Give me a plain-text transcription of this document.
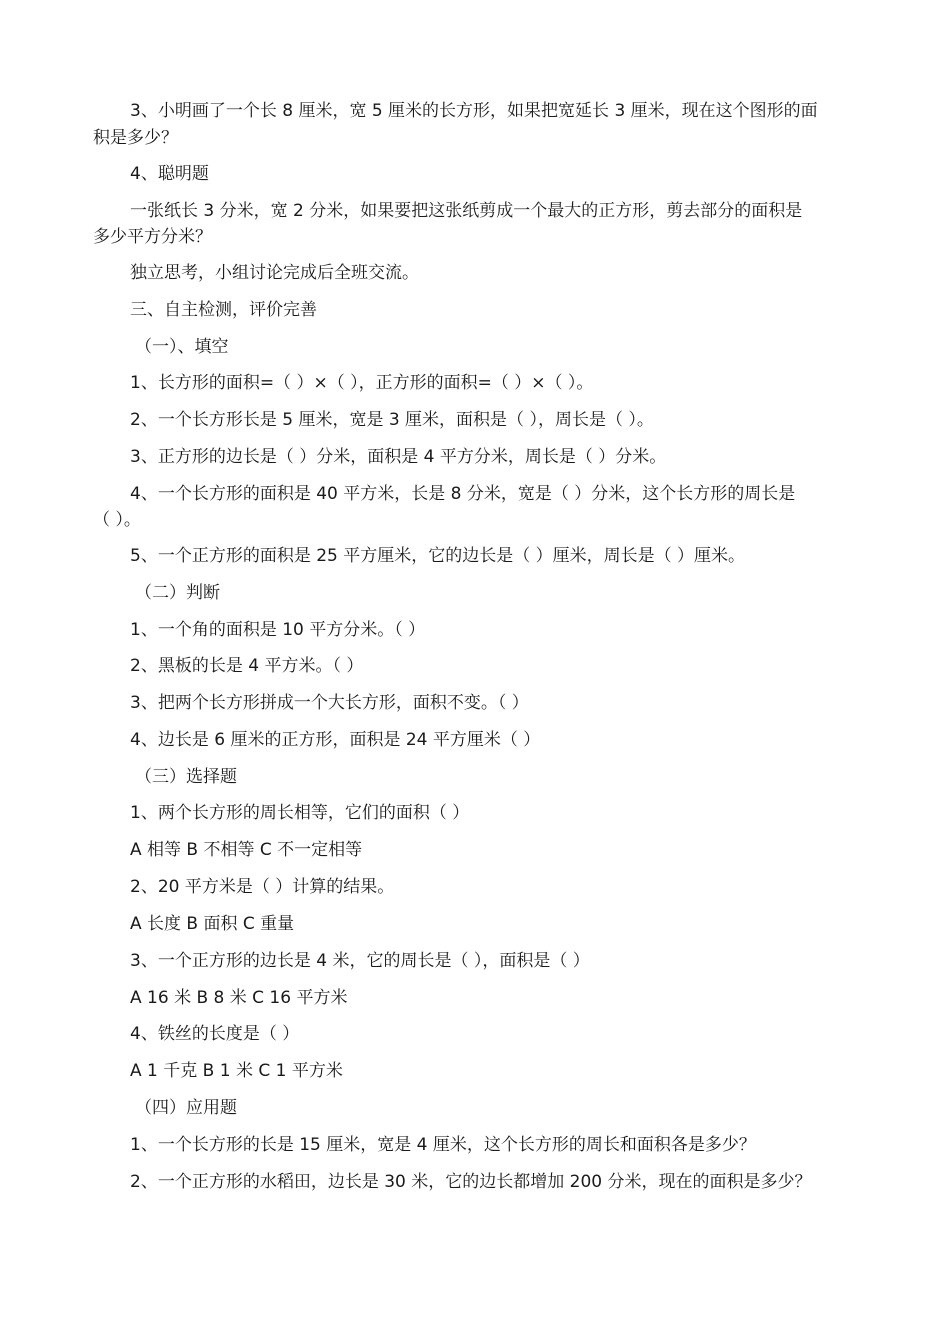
3、小明画了一个长 8 厘米，宽 5 厘米的长方形，如果把宽延长 3 厘米，现在这个图形的面
积是多少？
4、聪明题
一张纸长 3 分米，宽 2 分米，如果要把这张纸剪成一个最大的正方形，剪去部分的面积是
多少平方分米？
独立思考，小组讨论完成后全班交流。
三、自主检测，评价完善
（一）、填空
1、长方形的面积=（ ）×（ ），正方形的面积=（ ）×（ ）。
2、一个长方形长是 5 厘米，宽是 3 厘米，面积是（ ），周长是（ ）。
3、正方形的边长是（ ）分米，面积是 4 平方分米，周长是（ ）分米。
4、一个长方形的面积是 40 平方米，长是 8 分米，宽是（ ）分米，这个长方形的周长是
（ ）。
5、一个正方形的面积是 25 平方厘米，它的边长是（ ）厘米，周长是（ ）厘米。
（二）判断
1、一个角的面积是 10 平方分米。（ ）
2、黑板的长是 4 平方米。（ ）
3、把两个长方形拼成一个大长方形，面积不变。（ ）
4、边长是 6 厘米的正方形，面积是 24 平方厘米（ ）
（三）选择题
1、两个长方形的周长相等，它们的面积（ ）
A 相等 B 不相等 C 不一定相等
2、20 平方米是（ ）计算的结果。
A 长度 B 面积 C 重量
3、一个正方形的边长是 4 米，它的周长是（ ），面积是（ ）
A 16 米 B 8 米 C 16 平方米
4、铁丝的长度是（ ）
A 1 千克 B 1 米 C 1 平方米
（四）应用题
1、一个长方形的长是 15 厘米，宽是 4 厘米，这个长方形的周长和面积各是多少？
2、一个正方形的水稻田，边长是 30 米，它的边长都增加 200 分米，现在的面积是多少？
